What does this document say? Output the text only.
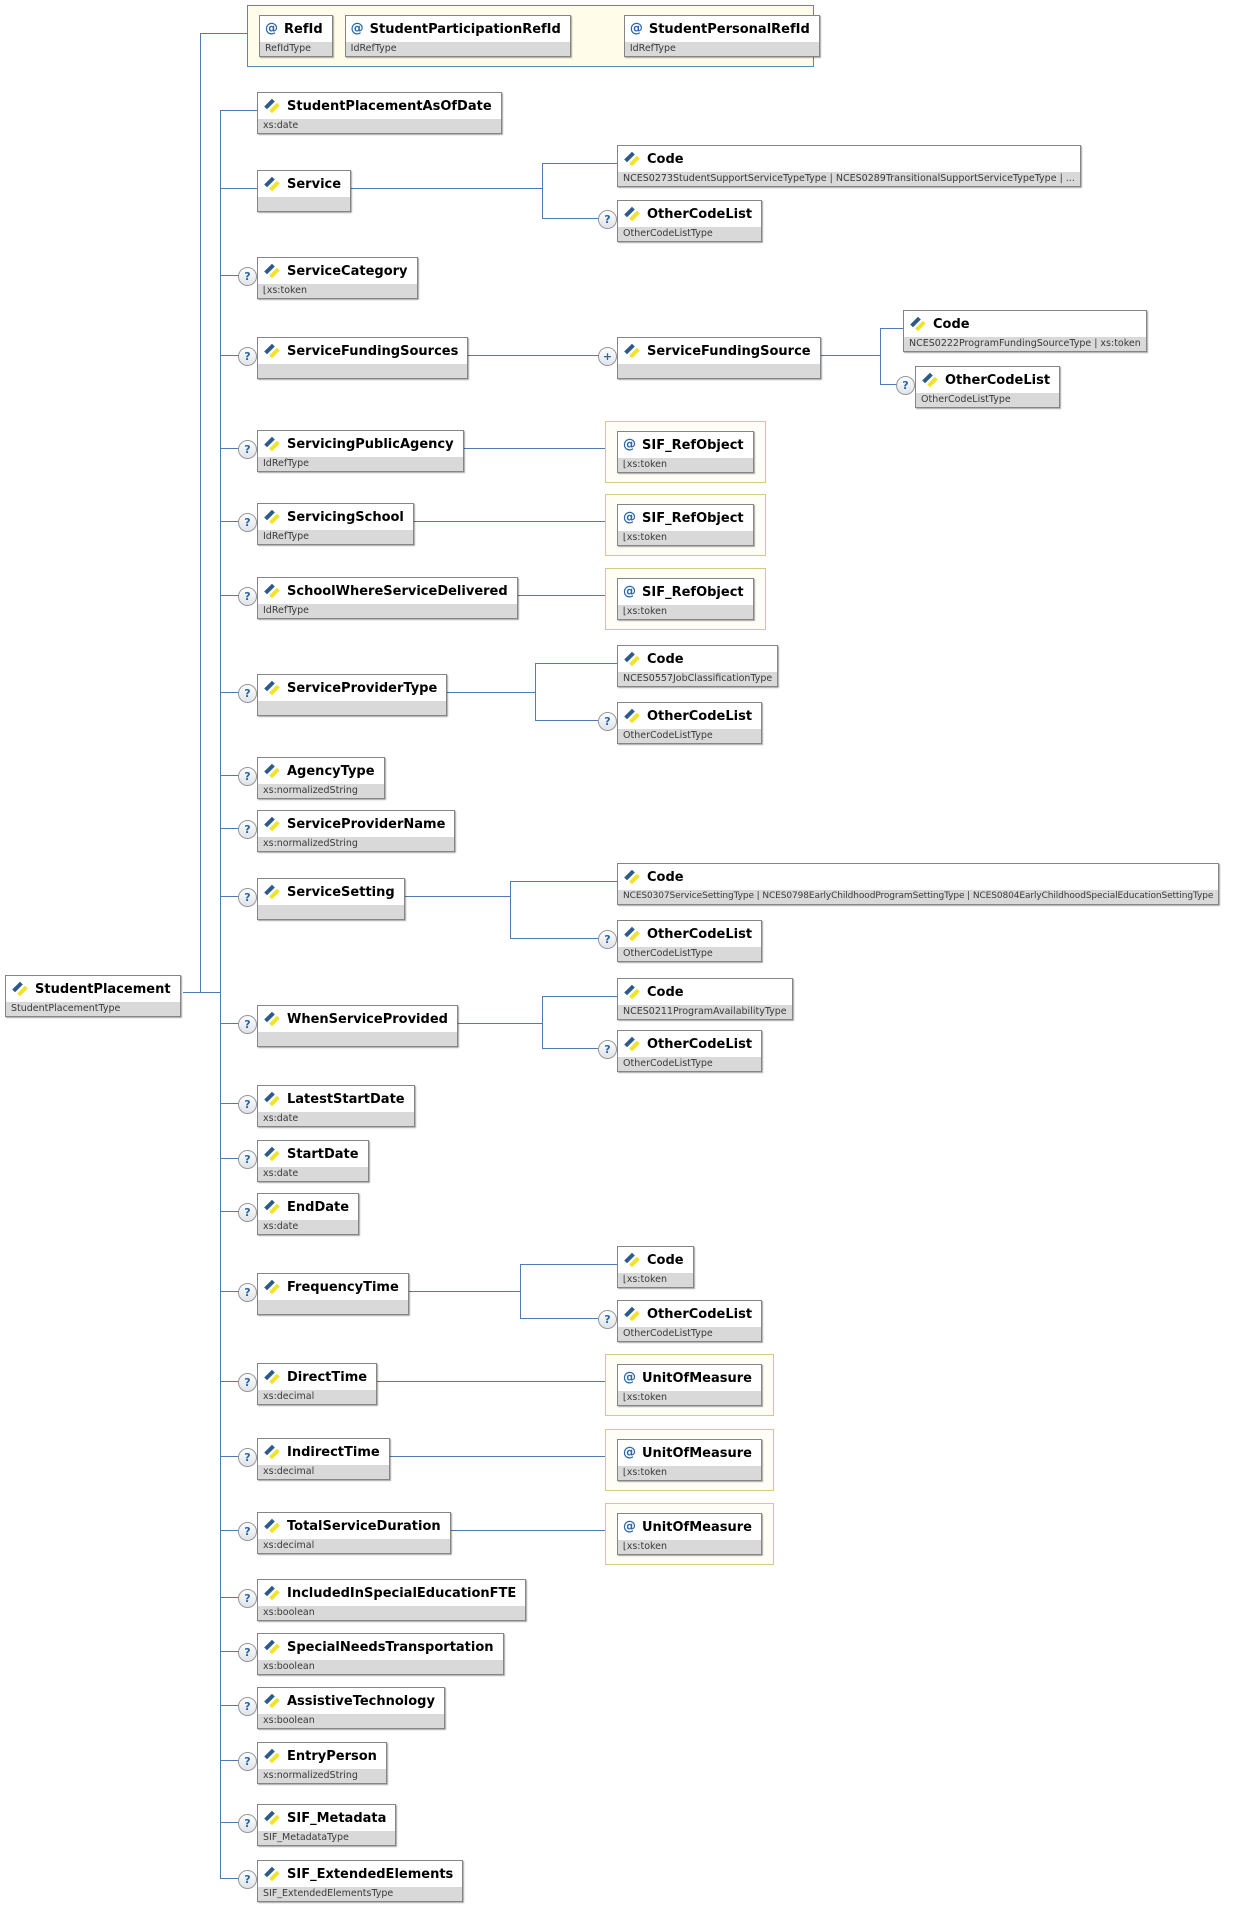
StudentPlacement
StudentPlacementType
@ RefId
RefIdType
@ StudentParticipationRefId
IdRefType
@ StudentPersonalRefId
IdRefType
StudentPlacementAsOfDate
xs:date
Service
ServiceCategory
⌊xs:token
ServiceFundingSources
ServicingPublicAgency
IdRefType
ServicingSchool
IdRefType
SchoolWhereServiceDelivered
IdRefType
ServiceProviderType
AgencyType
xs:normalizedString
ServiceProviderName
xs:normalizedString
ServiceSetting
WhenServiceProvided
LatestStartDate
xs:date
StartDate
xs:date
EndDate
xs:date
FrequencyTime
DirectTime
xs:decimal
IndirectTime
xs:decimal
TotalServiceDuration
xs:decimal
IncludedInSpecialEducationFTE
xs:boolean
SpecialNeedsTransportation
xs:boolean
AssistiveTechnology
xs:boolean
EntryPerson
xs:normalizedString
SIF_Metadata
SIF_MetadataType
SIF_ExtendedElements
SIF_ExtendedElementsType
Code
NCES0273StudentSupportServiceTypeType | NCES0289TransitionalSupportServiceTypeType | ...
OtherCodeList
OtherCodeListType
ServiceFundingSource
Code
NCES0222ProgramFundingSourceType | xs:token
OtherCodeList
OtherCodeListType
@ SIF_RefObject
⌊xs:token
@ SIF_RefObject
⌊xs:token
@ SIF_RefObject
⌊xs:token
Code
NCES0557JobClassificationType
OtherCodeList
OtherCodeListType
Code
NCES0307ServiceSettingType | NCES0798EarlyChildhoodProgramSettingType | NCES0804EarlyChildhoodSpecialEducationSettingType
OtherCodeList
OtherCodeListType
Code
NCES0211ProgramAvailabilityType
OtherCodeList
OtherCodeListType
Code
⌊xs:token
OtherCodeList
OtherCodeListType
@ UnitOfMeasure
⌊xs:token
@ UnitOfMeasure
⌊xs:token
@ UnitOfMeasure
⌊xs:token
?
?
?
?
?
?
?
?
?
?
?
?
?
?
?
?
?
?
?
?
?
?
?
?
+
?
?
?
?
?
